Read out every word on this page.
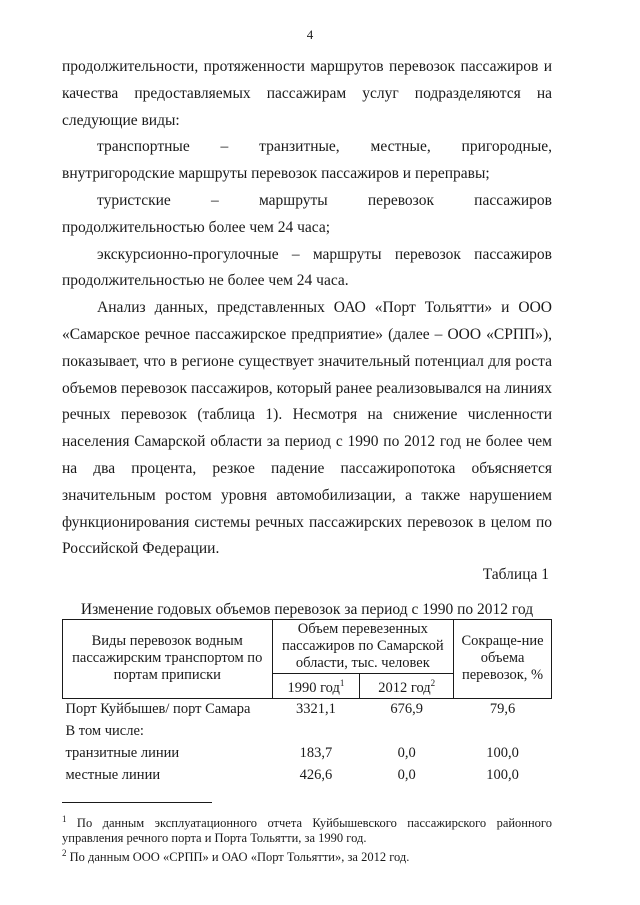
4

продолжительности, протяженности маршрутов перевозок пассажиров и качества предоставляемых пассажирам услуг подразделяются на следующие виды:

транспортные – транзитные, местные, пригородные, внутригородские маршруты перевозок пассажиров и переправы;

туристские – маршруты перевозок пассажиров продолжительностью более чем 24 часа;

экскурсионно-прогулочные – маршруты перевозок пассажиров продолжительностью не более чем 24 часа.

Анализ данных, представленных ОАО «Порт Тольятти» и ООО «Самарское речное пассажирское предприятие» (далее – ООО «СРПП»), показывает, что в регионе существует значительный потенциал для роста объемов перевозок пассажиров, который ранее реализовывался на линиях речных перевозок (таблица 1). Несмотря на снижение численности населения Самарской области за период с 1990 по 2012 год не более чем на два процента, резкое падение пассажиропотока объясняется значительным ростом уровня автомобилизации, а также нарушением функционирования системы речных пассажирских перевозок в целом по Российской Федерации.

Таблица 1
Изменение годовых объемов перевозок за период с 1990 по 2012 год
Виды перевозок водным пассажирским транспортом по портам приписки	Объем перевезенных пассажиров по Самарской области, тыс. человек		Сокраще-ние объема перевозок, %
	1990 год$^1$	2012 год$^2$
Порт Куйбышев/ порт Самара	3321,1	676,9	79,6
В том числе:			
транзитные линии	183,7	0,0	100,0
местные линии	426,6	0,0	100,0

$^1$ По данным эксплуатационного отчета Куйбышевского пассажирского районного управления речного порта и Порта Тольятти, за 1990 год.

$^2$ По данным ООО «СРПП» и ОАО «Порт Тольятти», за 2012 год.
